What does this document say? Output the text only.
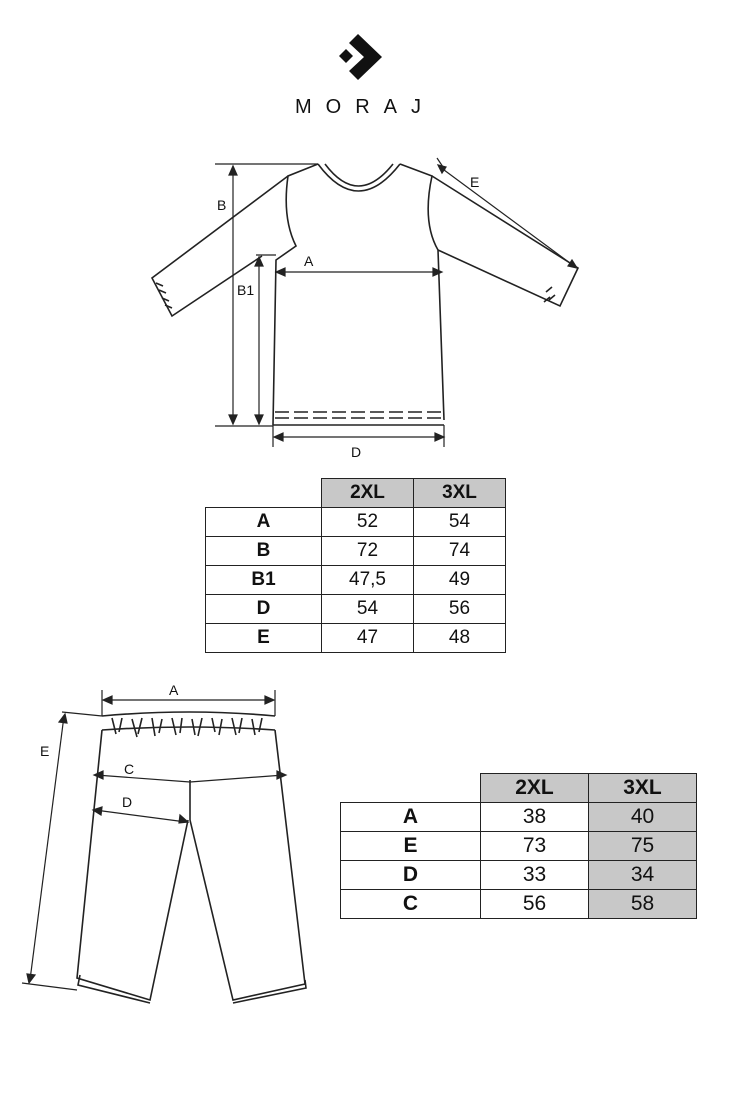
MORAJ
B
B1
A
D
E
	2XL	3XL
A	52	54
B	72	74
B1	47,5	49
D	54	56
E	47	48
A
E
C
D
	2XL	3XL
A	38	40
E	73	75
D	33	34
C	56	58
